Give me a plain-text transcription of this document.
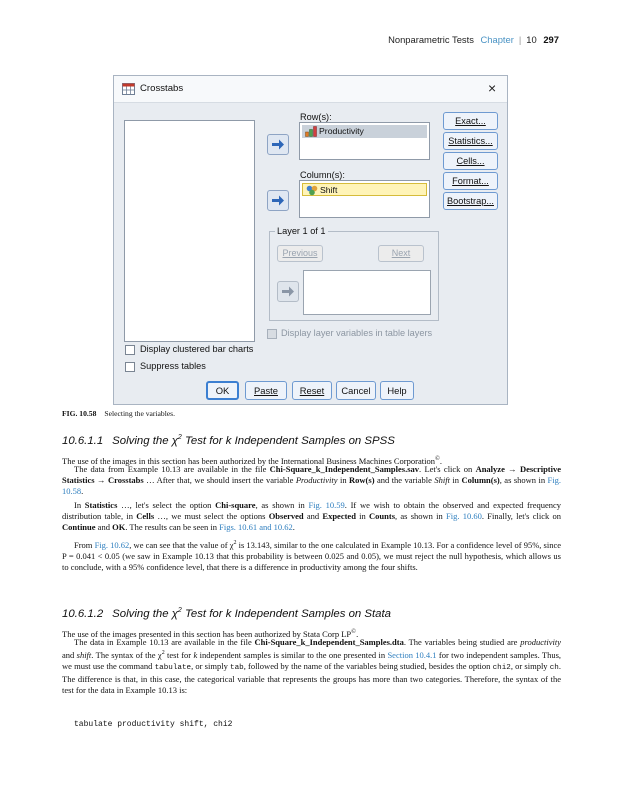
Nonparametric Tests Chapter | 10 297
Crosstabs	×
Row(s):
Productivity
Column(s):
Shift
Exact...
Statistics...
Cells...
Format...
Bootstrap...
Layer 1 of 1
Previous	Next
Display layer variables in table layers
Display clustered bar charts
Suppress tables
OK	Paste	Reset	Cancel	Help
FIG. 10.58 Selecting the variables.
10.6.1.1 Solving the $\chi^2$ Test for k Independent Samples on SPSS
The use of the images in this section has been authorized by the International Business Machines Corporation©.
The data from Example 10.13 are available in the file Chi-Square_k_Independent_Samples.sav. Let's click on Analyze → Descriptive Statistics → Crosstabs … After that, we should insert the variable Productivity in Row(s) and the variable Shift in Column(s), as shown in Fig. 10.58.
In Statistics …, let's select the option Chi-square, as shown in Fig. 10.59. If we wish to obtain the observed and expected frequency distribution table, in Cells …, we must select the options Observed and Expected in Counts, as shown in Fig. 10.60. Finally, let's click on Continue and OK. The results can be seen in Figs. 10.61 and 10.62.
From Fig. 10.62, we can see that the value of $\chi^2$ is 13.143, similar to the one calculated in Example 10.13. For a confidence level of 95%, since P = 0.041 < 0.05 (we saw in Example 10.13 that this probability is between 0.025 and 0.05), we must reject the null hypothesis, which allows us to conclude, with a 95% confidence level, that there is a difference in productivity among the four shifts.
10.6.1.2 Solving the $\chi^2$ Test for k Independent Samples on Stata
The use of the images presented in this section has been authorized by Stata Corp LP©.
The data in Example 10.13 are available in the file Chi-Square_k_Independent_Samples.dta. The variables being studied are productivity and shift. The syntax of the $\chi^2$ test for k independent samples is similar to the one presented in Section 10.4.1 for two independent samples. Thus, we must use the command tabulate, or simply tab, followed by the name of the variables being studied, besides the option chi2, or simply ch. The difference is that, in this case, the categorical variable that represents the groups has more than two categories. Therefore, the syntax of the test for the data in Example 10.13 is:
tabulate productivity shift, chi2
